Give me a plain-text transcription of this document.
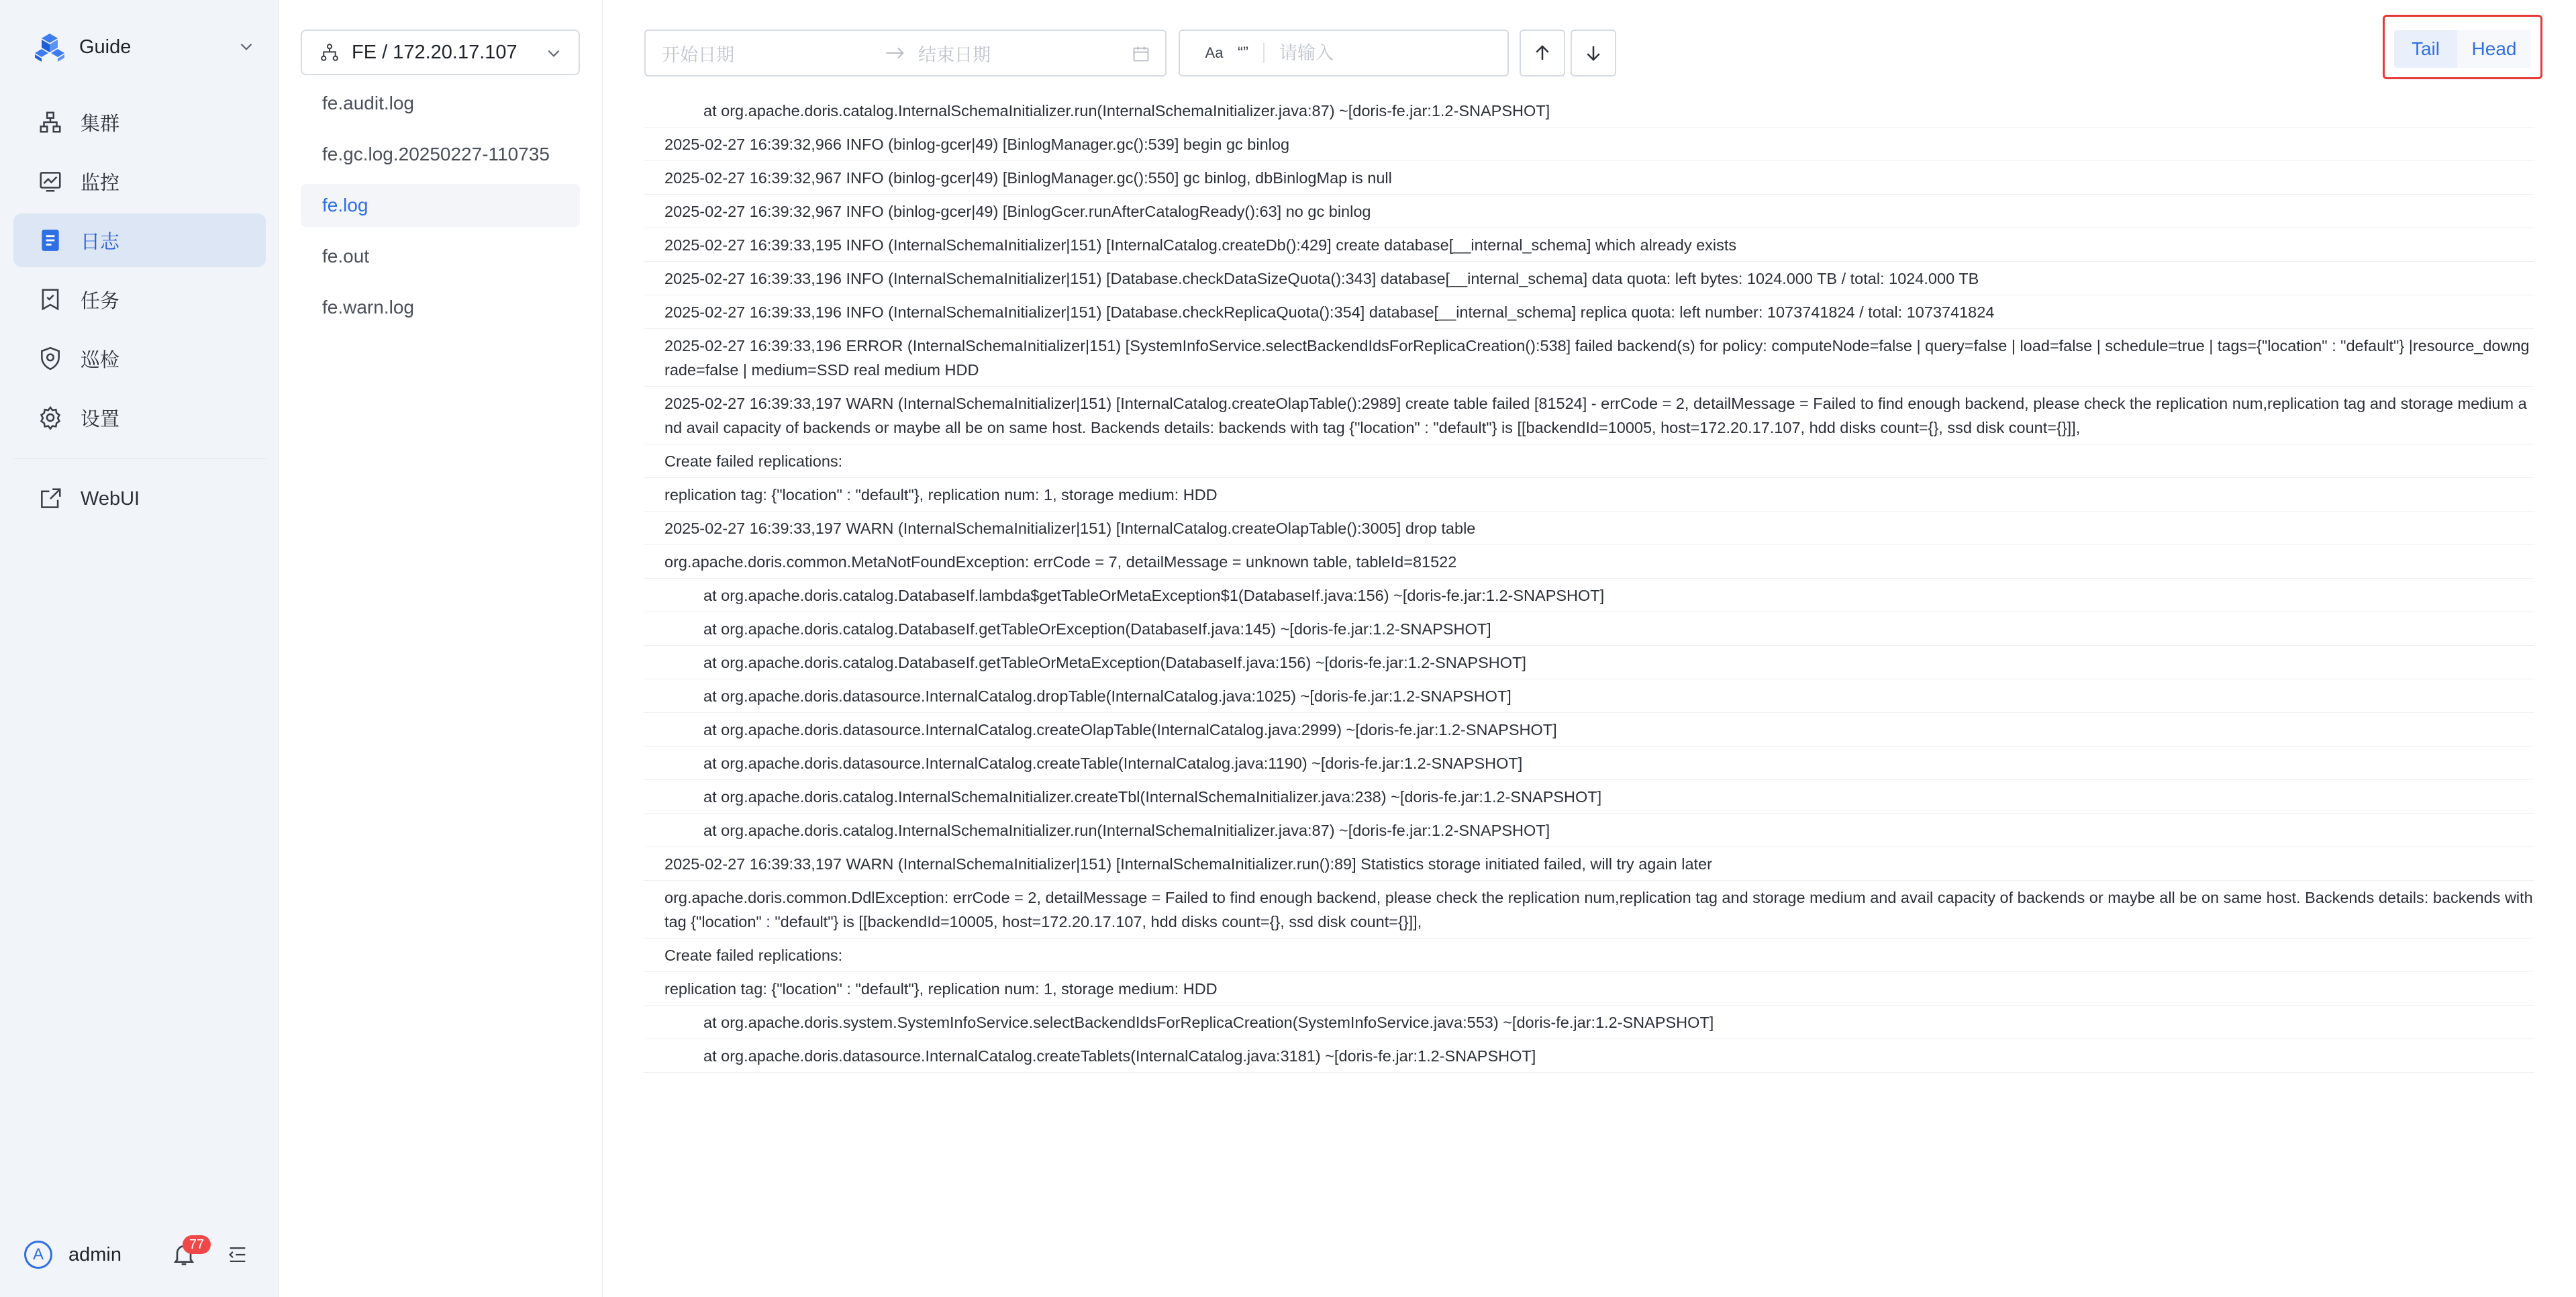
Guide
集群
监控
日志
任务
巡检
设置
WebUI
A	admin	77
FE / 172.20.17.107
fe.audit.log
fe.gc.log.20250227-110735
fe.log
fe.out
fe.warn.log
开始日期	结束日期	Aa “”
请输入	Tail	Head
at org.apache.doris.catalog.InternalSchemaInitializer.run(InternalSchemaInitializer.java:87) ~[doris-fe.jar:1.2-SNAPSHOT]
2025-02-27 16:39:32,966 INFO (binlog-gcer|49) [BinlogManager.gc():539] begin gc binlog
2025-02-27 16:39:32,967 INFO (binlog-gcer|49) [BinlogManager.gc():550] gc binlog, dbBinlogMap is null
2025-02-27 16:39:32,967 INFO (binlog-gcer|49) [BinlogGcer.runAfterCatalogReady():63] no gc binlog
2025-02-27 16:39:33,195 INFO (InternalSchemaInitializer|151) [InternalCatalog.createDb():429] create database[__internal_schema] which already exists
2025-02-27 16:39:33,196 INFO (InternalSchemaInitializer|151) [Database.checkDataSizeQuota():343] database[__internal_schema] data quota: left bytes: 1024.000 TB / total: 1024.000 TB
2025-02-27 16:39:33,196 INFO (InternalSchemaInitializer|151) [Database.checkReplicaQuota():354] database[__internal_schema] replica quota: left number: 1073741824 / total: 1073741824
2025-02-27 16:39:33,196 ERROR (InternalSchemaInitializer|151) [SystemInfoService.selectBackendIdsForReplicaCreation():538] failed backend(s) for policy: computeNode=false | query=false | load=false | schedule=true | tags={"location" : "default"} |resource_downgrade=false | medium=SSD real medium HDD
2025-02-27 16:39:33,197 WARN (InternalSchemaInitializer|151) [InternalCatalog.createOlapTable():2989] create table failed [81524] - errCode = 2, detailMessage = Failed to find enough backend, please check the replication num,replication tag and storage medium and avail capacity of backends or maybe all be on same host. Backends details: backends with tag {"location" : "default"} is [[backendId=10005, host=172.20.17.107, hdd disks count={}, ssd disk count={}]],
Create failed replications:
replication tag: {"location" : "default"}, replication num: 1, storage medium: HDD
2025-02-27 16:39:33,197 WARN (InternalSchemaInitializer|151) [InternalCatalog.createOlapTable():3005] drop table
org.apache.doris.common.MetaNotFoundException: errCode = 7, detailMessage = unknown table, tableId=81522
at org.apache.doris.catalog.DatabaseIf.lambda$getTableOrMetaException$1(DatabaseIf.java:156) ~[doris-fe.jar:1.2-SNAPSHOT]
at org.apache.doris.catalog.DatabaseIf.getTableOrException(DatabaseIf.java:145) ~[doris-fe.jar:1.2-SNAPSHOT]
at org.apache.doris.catalog.DatabaseIf.getTableOrMetaException(DatabaseIf.java:156) ~[doris-fe.jar:1.2-SNAPSHOT]
at org.apache.doris.datasource.InternalCatalog.dropTable(InternalCatalog.java:1025) ~[doris-fe.jar:1.2-SNAPSHOT]
at org.apache.doris.datasource.InternalCatalog.createOlapTable(InternalCatalog.java:2999) ~[doris-fe.jar:1.2-SNAPSHOT]
at org.apache.doris.datasource.InternalCatalog.createTable(InternalCatalog.java:1190) ~[doris-fe.jar:1.2-SNAPSHOT]
at org.apache.doris.catalog.InternalSchemaInitializer.createTbl(InternalSchemaInitializer.java:238) ~[doris-fe.jar:1.2-SNAPSHOT]
at org.apache.doris.catalog.InternalSchemaInitializer.run(InternalSchemaInitializer.java:87) ~[doris-fe.jar:1.2-SNAPSHOT]
2025-02-27 16:39:33,197 WARN (InternalSchemaInitializer|151) [InternalSchemaInitializer.run():89] Statistics storage initiated failed, will try again later
org.apache.doris.common.DdlException: errCode = 2, detailMessage = Failed to find enough backend, please check the replication num,replication tag and storage medium and avail capacity of backends or maybe all be on same host. Backends details: backends with tag {"location" : "default"} is [[backendId=10005, host=172.20.17.107, hdd disks count={}, ssd disk count={}]],
Create failed replications:
replication tag: {"location" : "default"}, replication num: 1, storage medium: HDD
at org.apache.doris.system.SystemInfoService.selectBackendIdsForReplicaCreation(SystemInfoService.java:553) ~[doris-fe.jar:1.2-SNAPSHOT]
at org.apache.doris.datasource.InternalCatalog.createTablets(InternalCatalog.java:3181) ~[doris-fe.jar:1.2-SNAPSHOT]
